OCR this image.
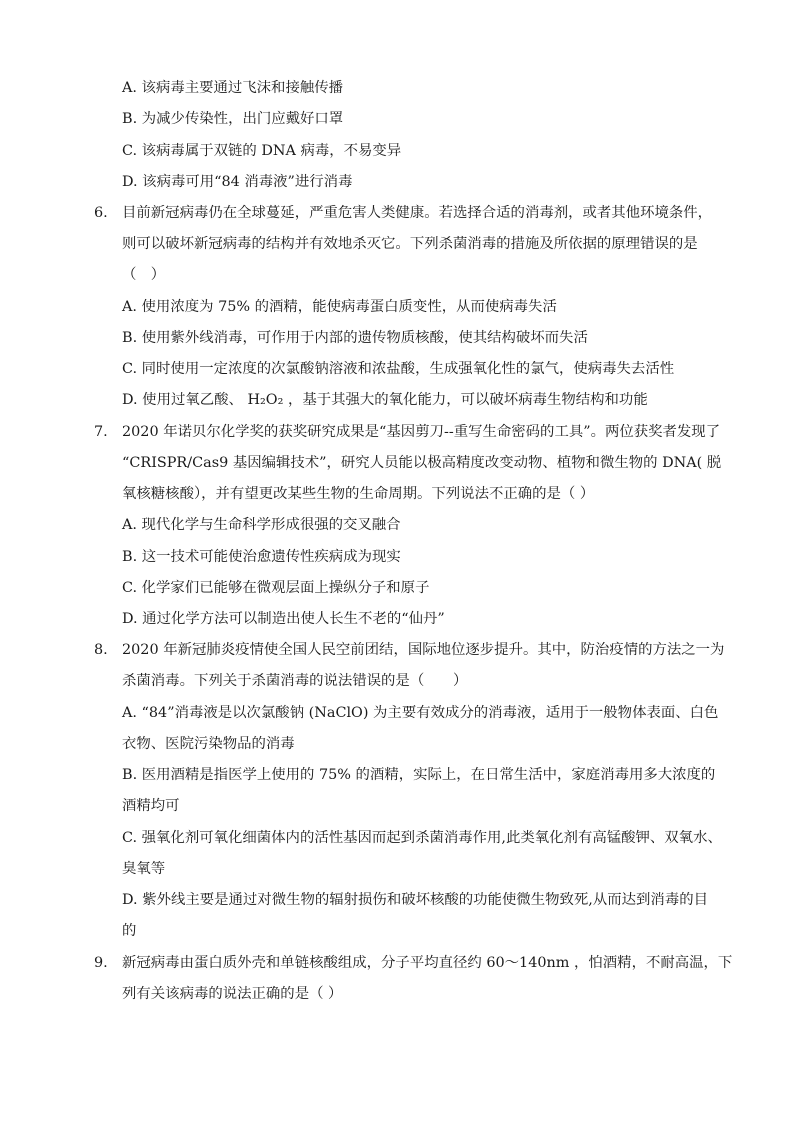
A. 该病毒主要通过飞沫和接触传播
B. 为减少传染性，出门应戴好口罩
C. 该病毒属于双链的 DNA 病毒，不易变异
D. 该病毒可用“84 消毒液”进行消毒
6. 目前新冠病毒仍在全球蔓延，严重危害人类健康。若选择合适的消毒剂，或者其他环境条件，
则可以破坏新冠病毒的结构并有效地杀灭它。下列杀菌消毒的措施及所依据的原理错误的是
（　）
A. 使用浓度为 75% 的酒精，能使病毒蛋白质变性，从而使病毒失活
B. 使用紫外线消毒，可作用于内部的遗传物质核酸，使其结构破坏而失活
C. 同时使用一定浓度的次氯酸钠溶液和浓盐酸，生成强氧化性的氯气，使病毒失去活性
D. 使用过氧乙酸、 H₂O₂ ，基于其强大的氧化能力，可以破坏病毒生物结构和功能
7. 2020 年诺贝尔化学奖的获奖研究成果是“基因剪刀--重写生命密码的工具”。两位获奖者发现了
“CRISPR/Cas9 基因编辑技术”，研究人员能以极高精度改变动物、植物和微生物的 DNA( 脱
氧核糖核酸），并有望更改某些生物的生命周期。下列说法不正确的是（ ）
A. 现代化学与生命科学形成很强的交叉融合
B. 这一技术可能使治愈遗传性疾病成为现实
C. 化学家们已能够在微观层面上操纵分子和原子
D. 通过化学方法可以制造出使人长生不老的“仙丹”
8. 2020 年新冠肺炎疫情使全国人民空前团结，国际地位逐步提升。其中，防治疫情的方法之一为
杀菌消毒。下列关于杀菌消毒的说法错误的是（　　）
A. “84”消毒液是以次氯酸钠 (NaClO) 为主要有效成分的消毒液，适用于一般物体表面、白色
衣物、医院污染物品的消毒
B. 医用酒精是指医学上使用的 75% 的酒精，实际上，在日常生活中，家庭消毒用多大浓度的
酒精均可
C. 强氧化剂可氧化细菌体内的活性基因而起到杀菌消毒作用,此类氧化剂有高锰酸钾、双氧水、
臭氧等
D. 紫外线主要是通过对微生物的辐射损伤和破坏核酸的功能使微生物致死,从而达到消毒的目
的
9. 新冠病毒由蛋白质外壳和单链核酸组成，分子平均直径约 60～140nm ，怕酒精，不耐高温，下
列有关该病毒的说法正确的是（ ）
